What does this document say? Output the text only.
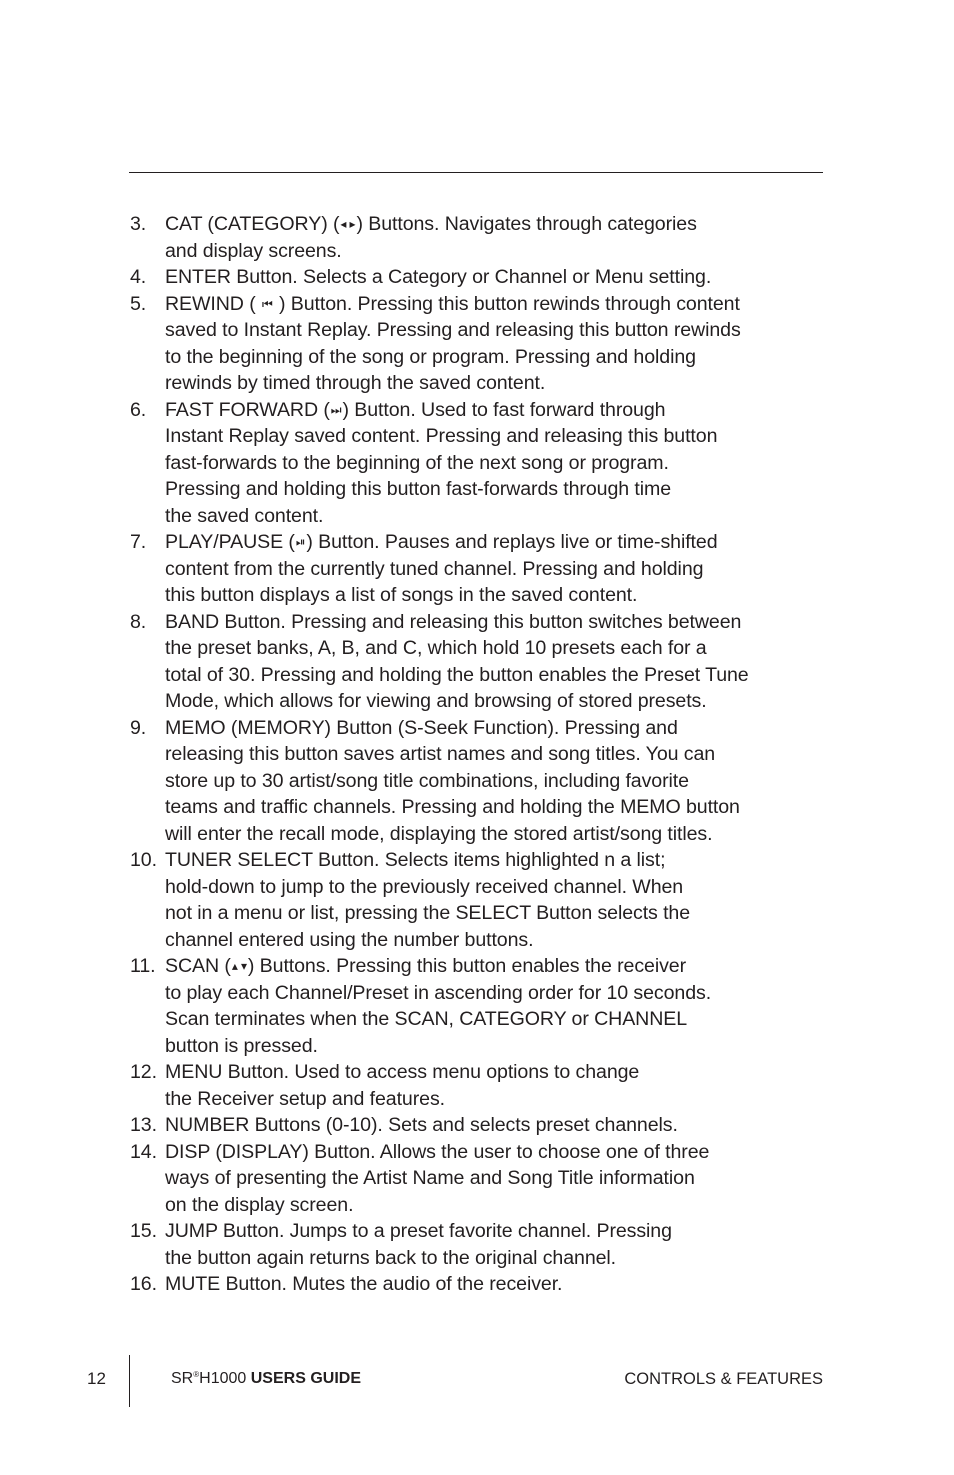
3. CAT (CATEGORY) (◂ ▸) Buttons. Navigates through categories
and display screens.
4. ENTER Button. Selects a Category or Channel or Menu setting.
5. REWIND ( ⏮ ) Button. Pressing this button rewinds through content
saved to Instant Replay. Pressing and releasing this button rewinds
to the beginning of the song or program. Pressing and holding
rewinds by timed through the saved content.
6. FAST FORWARD (⏭) Button. Used to fast forward through
Instant Replay saved content. Pressing and releasing this button
fast-forwards to the beginning of the next song or program.
Pressing and holding this button fast-forwards through time
the saved content.
7. PLAY/PAUSE (⏯) Button. Pauses and replays live or time-shifted
content from the currently tuned channel. Pressing and holding
this button displays a list of songs in the saved content.
8. BAND Button. Pressing and releasing this button switches between
the preset banks, A, B, and C, which hold 10 presets each for a
total of 30. Pressing and holding the button enables the Preset Tune
Mode, which allows for viewing and browsing of stored presets.
9. MEMO (MEMORY) Button (S-Seek Function). Pressing and
releasing this button saves artist names and song titles. You can
store up to 30 artist/song title combinations, including favorite
teams and traffic channels. Pressing and holding the MEMO button
will enter the recall mode, displaying the stored artist/song titles.
10. TUNER SELECT Button. Selects items highlighted n a list;
hold-down to jump to the previously received channel. When
not in a menu or list, pressing the SELECT Button selects the
channel entered using the number buttons.
11. SCAN (▴ ▾) Buttons. Pressing this button enables the receiver
to play each Channel/Preset in ascending order for 10 seconds.
Scan terminates when the SCAN, CATEGORY or CHANNEL
button is pressed.
12. MENU Button. Used to access menu options to change
the Receiver setup and features.
13. NUMBER Buttons (0-10). Sets and selects preset channels.
14. DISP (DISPLAY) Button. Allows the user to choose one of three
ways of presenting the Artist Name and Song Title information
on the display screen.
15. JUMP Button. Jumps to a preset favorite channel. Pressing
the button again returns back to the original channel.
16. MUTE Button. Mutes the audio of the receiver.
12	SR®H1000 USERS GUIDE	CONTROLS & FEATURES
